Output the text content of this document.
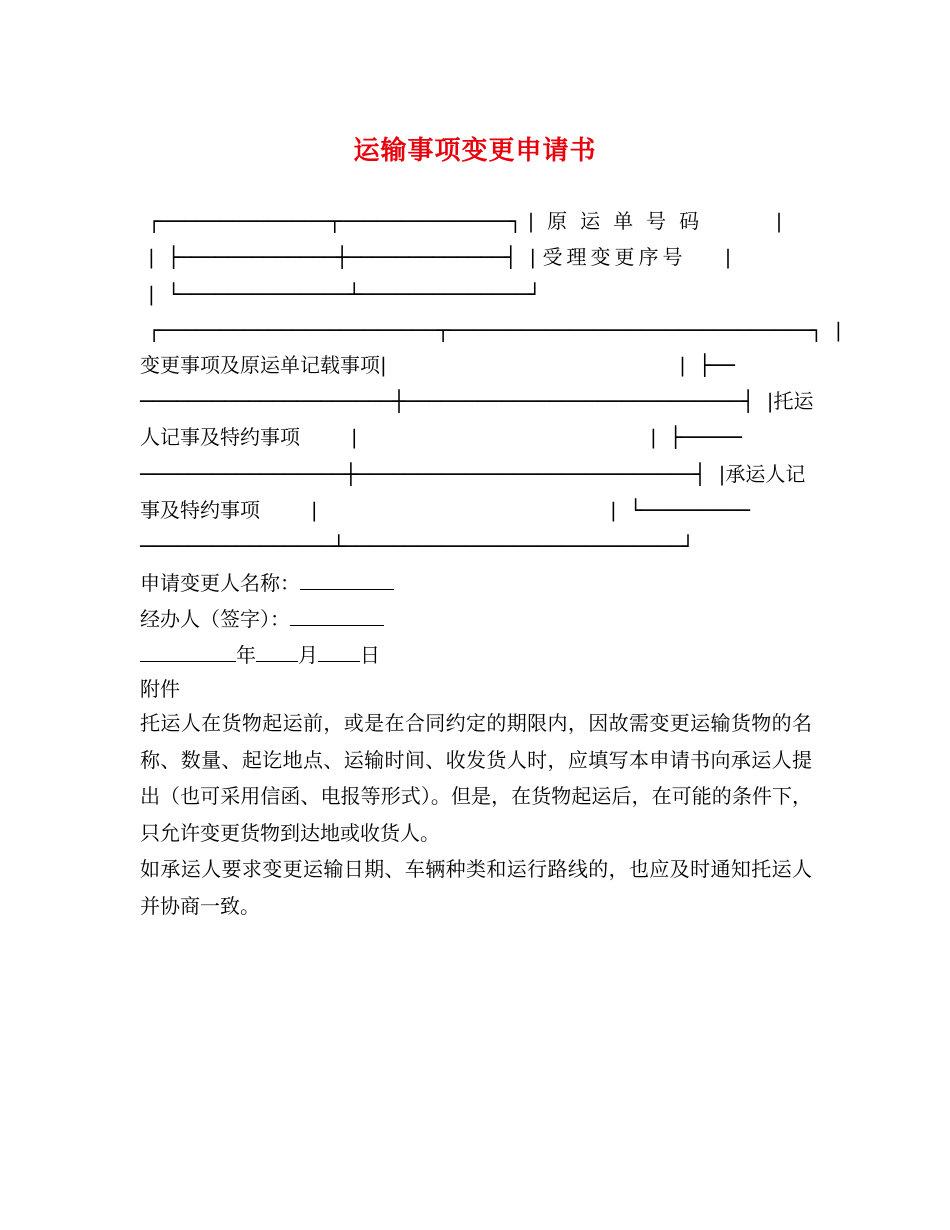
运输事项变更申请书
┌──────────────┬──────────────┐ |  原运单号码          |
|  ├─────────────┼─────────────┤  | 受理变更序号      |
|  └──────────────┴──────────────┘
┌───────────────────────┬──────────────────────────────┐  |
变更事项及原运单记载事项|                                              |  ├──
─────────────────────┼────────────────────────────┤  |托运
人记事及特约事项        |                                              |  ├─────
─────────────────┼────────────────────────────┤  |承运人记
事及特约事项        |                                              |  └─────────
────────────────┴────────────────────────────┘
申请变更人名称：
经办人（签字）：
年 月 日
附件
托运人在货物起运前，或是在合同约定的期限内，因故需变更运输货物的名称、数量、起讫地点、运输时间、收发货人时，应填写本申请书向承运人提出（也可采用信函、电报等形式）。但是，在货物起运后，在可能的条件下，只允许变更货物到达地或收货人。
如承运人要求变更运输日期、车辆种类和运行路线的，也应及时通知托运人并协商一致。
